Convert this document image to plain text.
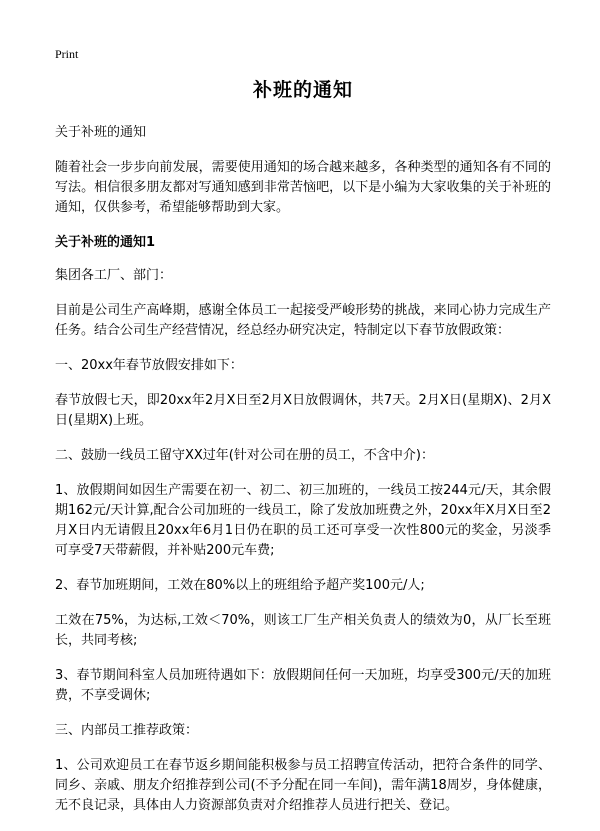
Print
补班的通知

关于补班的通知

随着社会一步步向前发展，需要使用通知的场合越来越多，各种类型的通知各有不同的写法。相信很多朋友都对写通知感到非常苦恼吧，以下是小编为大家收集的关于补班的通知，仅供参考，希望能够帮助到大家。

关于补班的通知1

集团各工厂、部门：

目前是公司生产高峰期，感谢全体员工一起接受严峻形势的挑战，来同心协力完成生产任务。结合公司生产经营情况，经总经办研究决定，特制定以下春节放假政策：

一、20xx年春节放假安排如下：

春节放假七天，即20xx年2月X日至2月X日放假调休，共7天。2月X日(星期X)、2月X日(星期X)上班。

二、鼓励一线员工留守XX过年(针对公司在册的员工，不含中介)：

1、放假期间如因生产需要在初一、初二、初三加班的，一线员工按244元/天，其余假期162元/天计算,配合公司加班的一线员工，除了发放加班费之外，20xx年X月X日至2月X日内无请假且20xx年6月1日仍在职的员工还可享受一次性800元的奖金，另淡季可享受7天带薪假，并补贴200元车费;

2、春节加班期间，工效在80%以上的班组给予超产奖100元/人;

工效在75%，为达标,工效＜70%，则该工厂生产相关负责人的绩效为0，从厂长至班长，共同考核;

3、春节期间科室人员加班待遇如下：放假期间任何一天加班，均享受300元/天的加班费，不享受调休;

三、内部员工推荐政策：

1、公司欢迎员工在春节返乡期间能积极参与员工招聘宣传活动，把符合条件的同学、同乡、亲戚、朋友介绍推荐到公司(不予分配在同一车间)，需年满18周岁，身体健康，无不良记录，具体由人力资源部负责对介绍推荐人员进行把关、登记。
